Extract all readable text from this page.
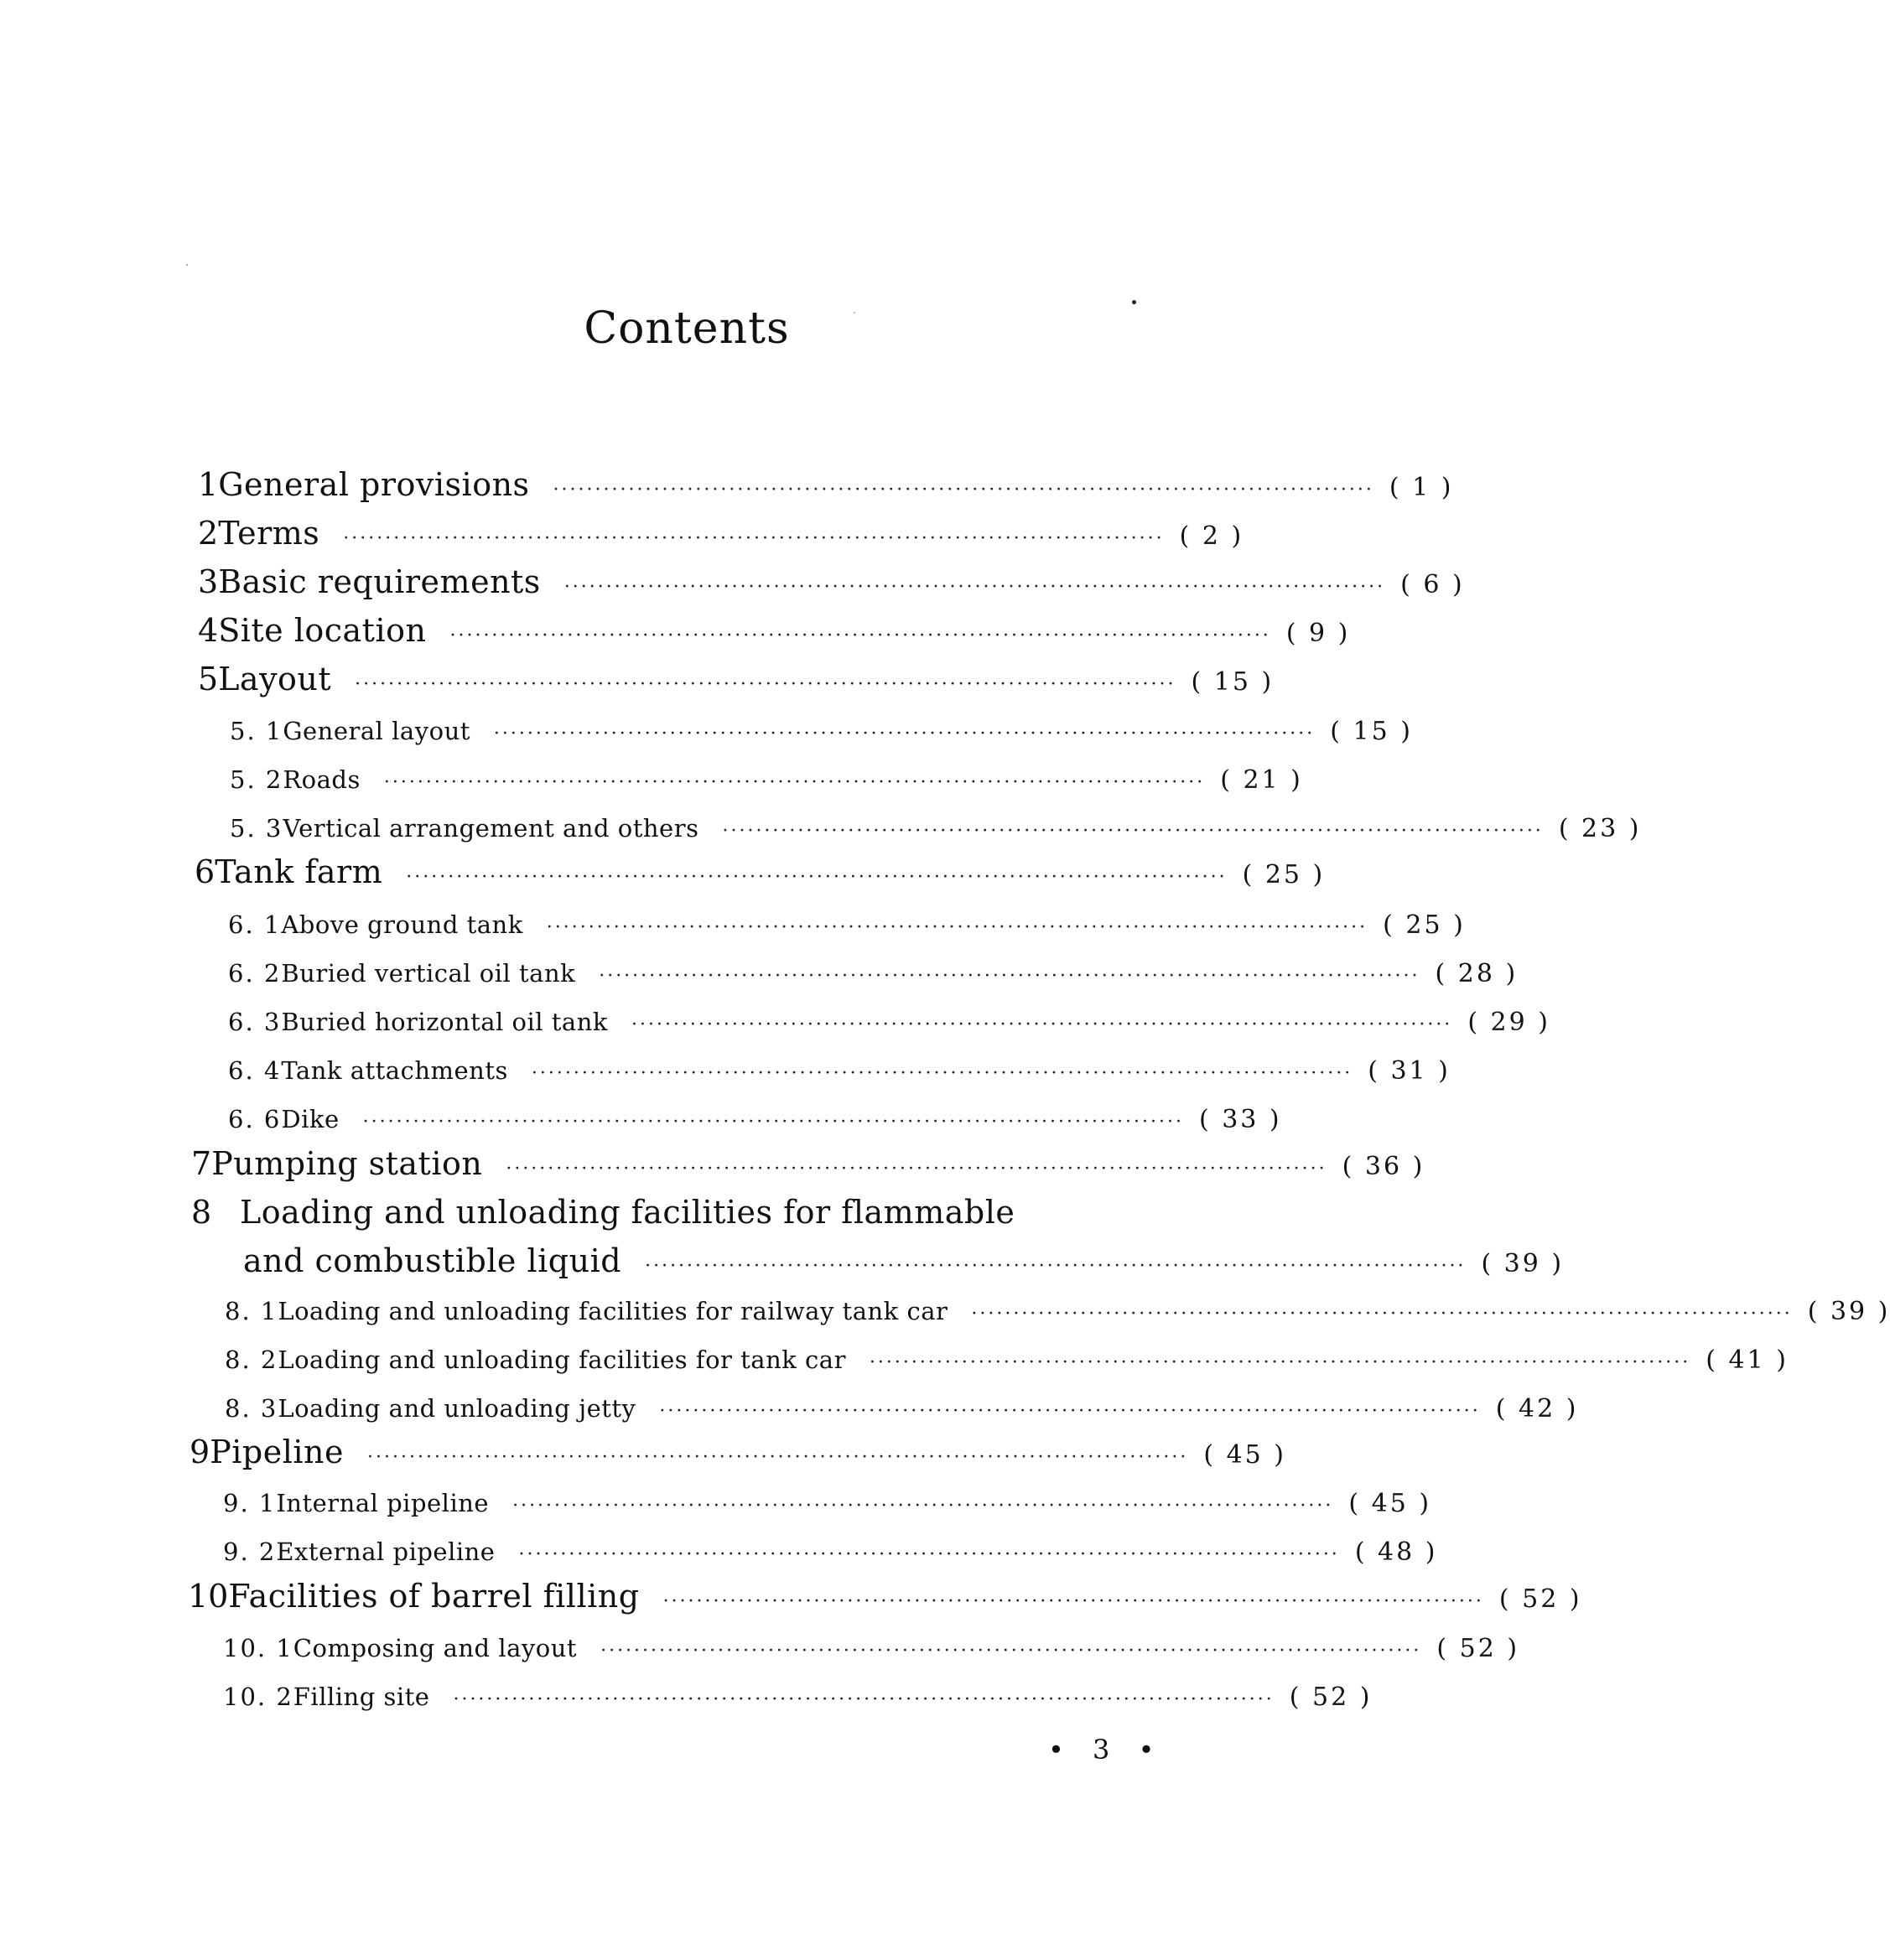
Contents
1 General provisions ·································································································· ( 1 )
2 Terms ·································································································· ( 2 )
3 Basic requirements ·································································································· ( 6 )
4 Site location ·································································································· ( 9 )
5 Layout ·································································································· ( 15 )
5. 1 General layout ·································································································· ( 15 )
5. 2 Roads ·································································································· ( 21 )
5. 3 Vertical arrangement and others ·································································································· ( 23 )
6 Tank farm ·································································································· ( 25 )
6. 1 Above ground tank ·································································································· ( 25 )
6. 2 Buried vertical oil tank ·································································································· ( 28 )
6. 3 Buried horizontal oil tank ·································································································· ( 29 )
6. 4 Tank attachments ·································································································· ( 31 )
6. 6 Dike ·································································································· ( 33 )
7 Pumping station ·································································································· ( 36 )
8 Loading and unloading facilities for flammable
and combustible liquid ·································································································· ( 39 )
8. 1 Loading and unloading facilities for railway tank car ·································································································· ( 39 )
8. 2 Loading and unloading facilities for tank car ·································································································· ( 41 )
8. 3 Loading and unloading jetty ·································································································· ( 42 )
9 Pipeline ·································································································· ( 45 )
9. 1 Internal pipeline ·································································································· ( 45 )
9. 2 External pipeline ·································································································· ( 48 )
10 Facilities of barrel filling ·································································································· ( 52 )
10. 1 Composing and layout ·································································································· ( 52 )
10. 2 Filling site ·································································································· ( 52 )
• 3 •
